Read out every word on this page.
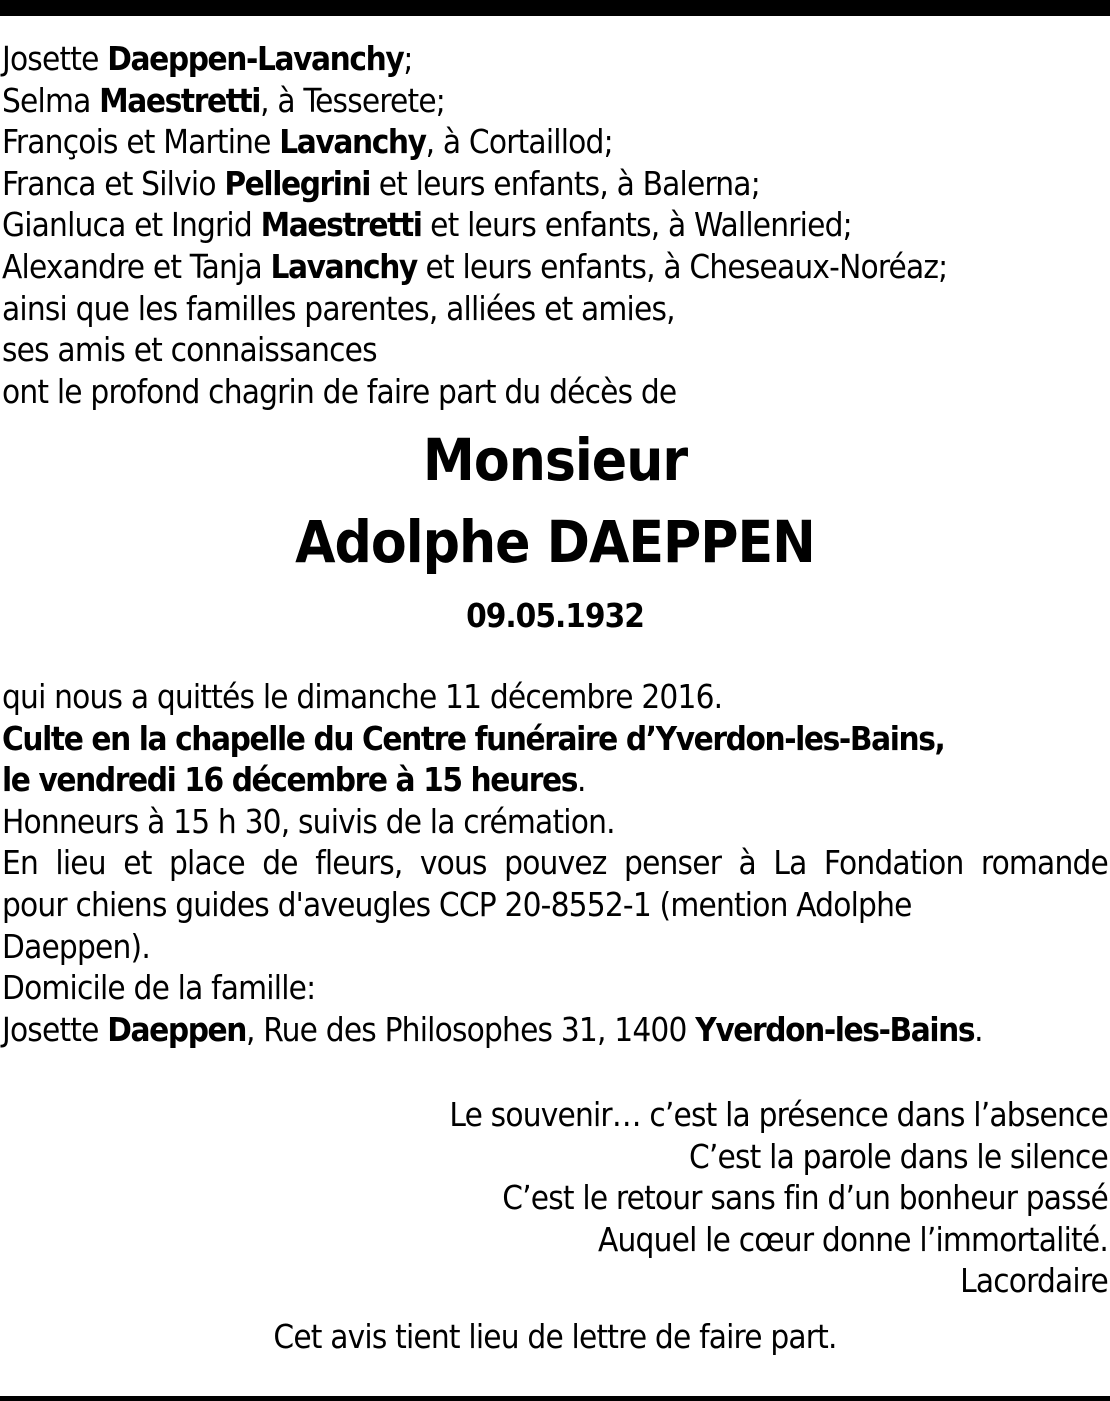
Josette Daeppen-Lavanchy;
Selma Maestretti, à Tesserete;
François et Martine Lavanchy, à Cortaillod;
Franca et Silvio Pellegrini et leurs enfants, à Balerna;
Gianluca et Ingrid Maestretti et leurs enfants, à Wallenried;
Alexandre et Tanja Lavanchy et leurs enfants, à Cheseaux-Noréaz;
ainsi que les familles parentes, alliées et amies,
ses amis et connaissances
ont le profond chagrin de faire part du décès de
Monsieur
Adolphe DAEPPEN
09.05.1932
qui nous a quittés le dimanche 11 décembre 2016.
Culte en la chapelle du Centre funéraire d’Yverdon-les-Bains,
le vendredi 16 décembre à 15 heures.
Honneurs à 15 h 30, suivis de la crémation.
En lieu et place de fleurs, vous pouvez penser à La Fondation romande
pour chiens guides d'aveugles CCP 20-8552-1 (mention Adolphe
Daeppen).
Domicile de la famille:
Josette Daeppen, Rue des Philosophes 31, 1400 Yverdon-les-Bains.
Le souvenir… c’est la présence dans l’absence
C’est la parole dans le silence
C’est le retour sans fin d’un bonheur passé
Auquel le cœur donne l’immortalité.
Lacordaire
Cet avis tient lieu de lettre de faire part.
